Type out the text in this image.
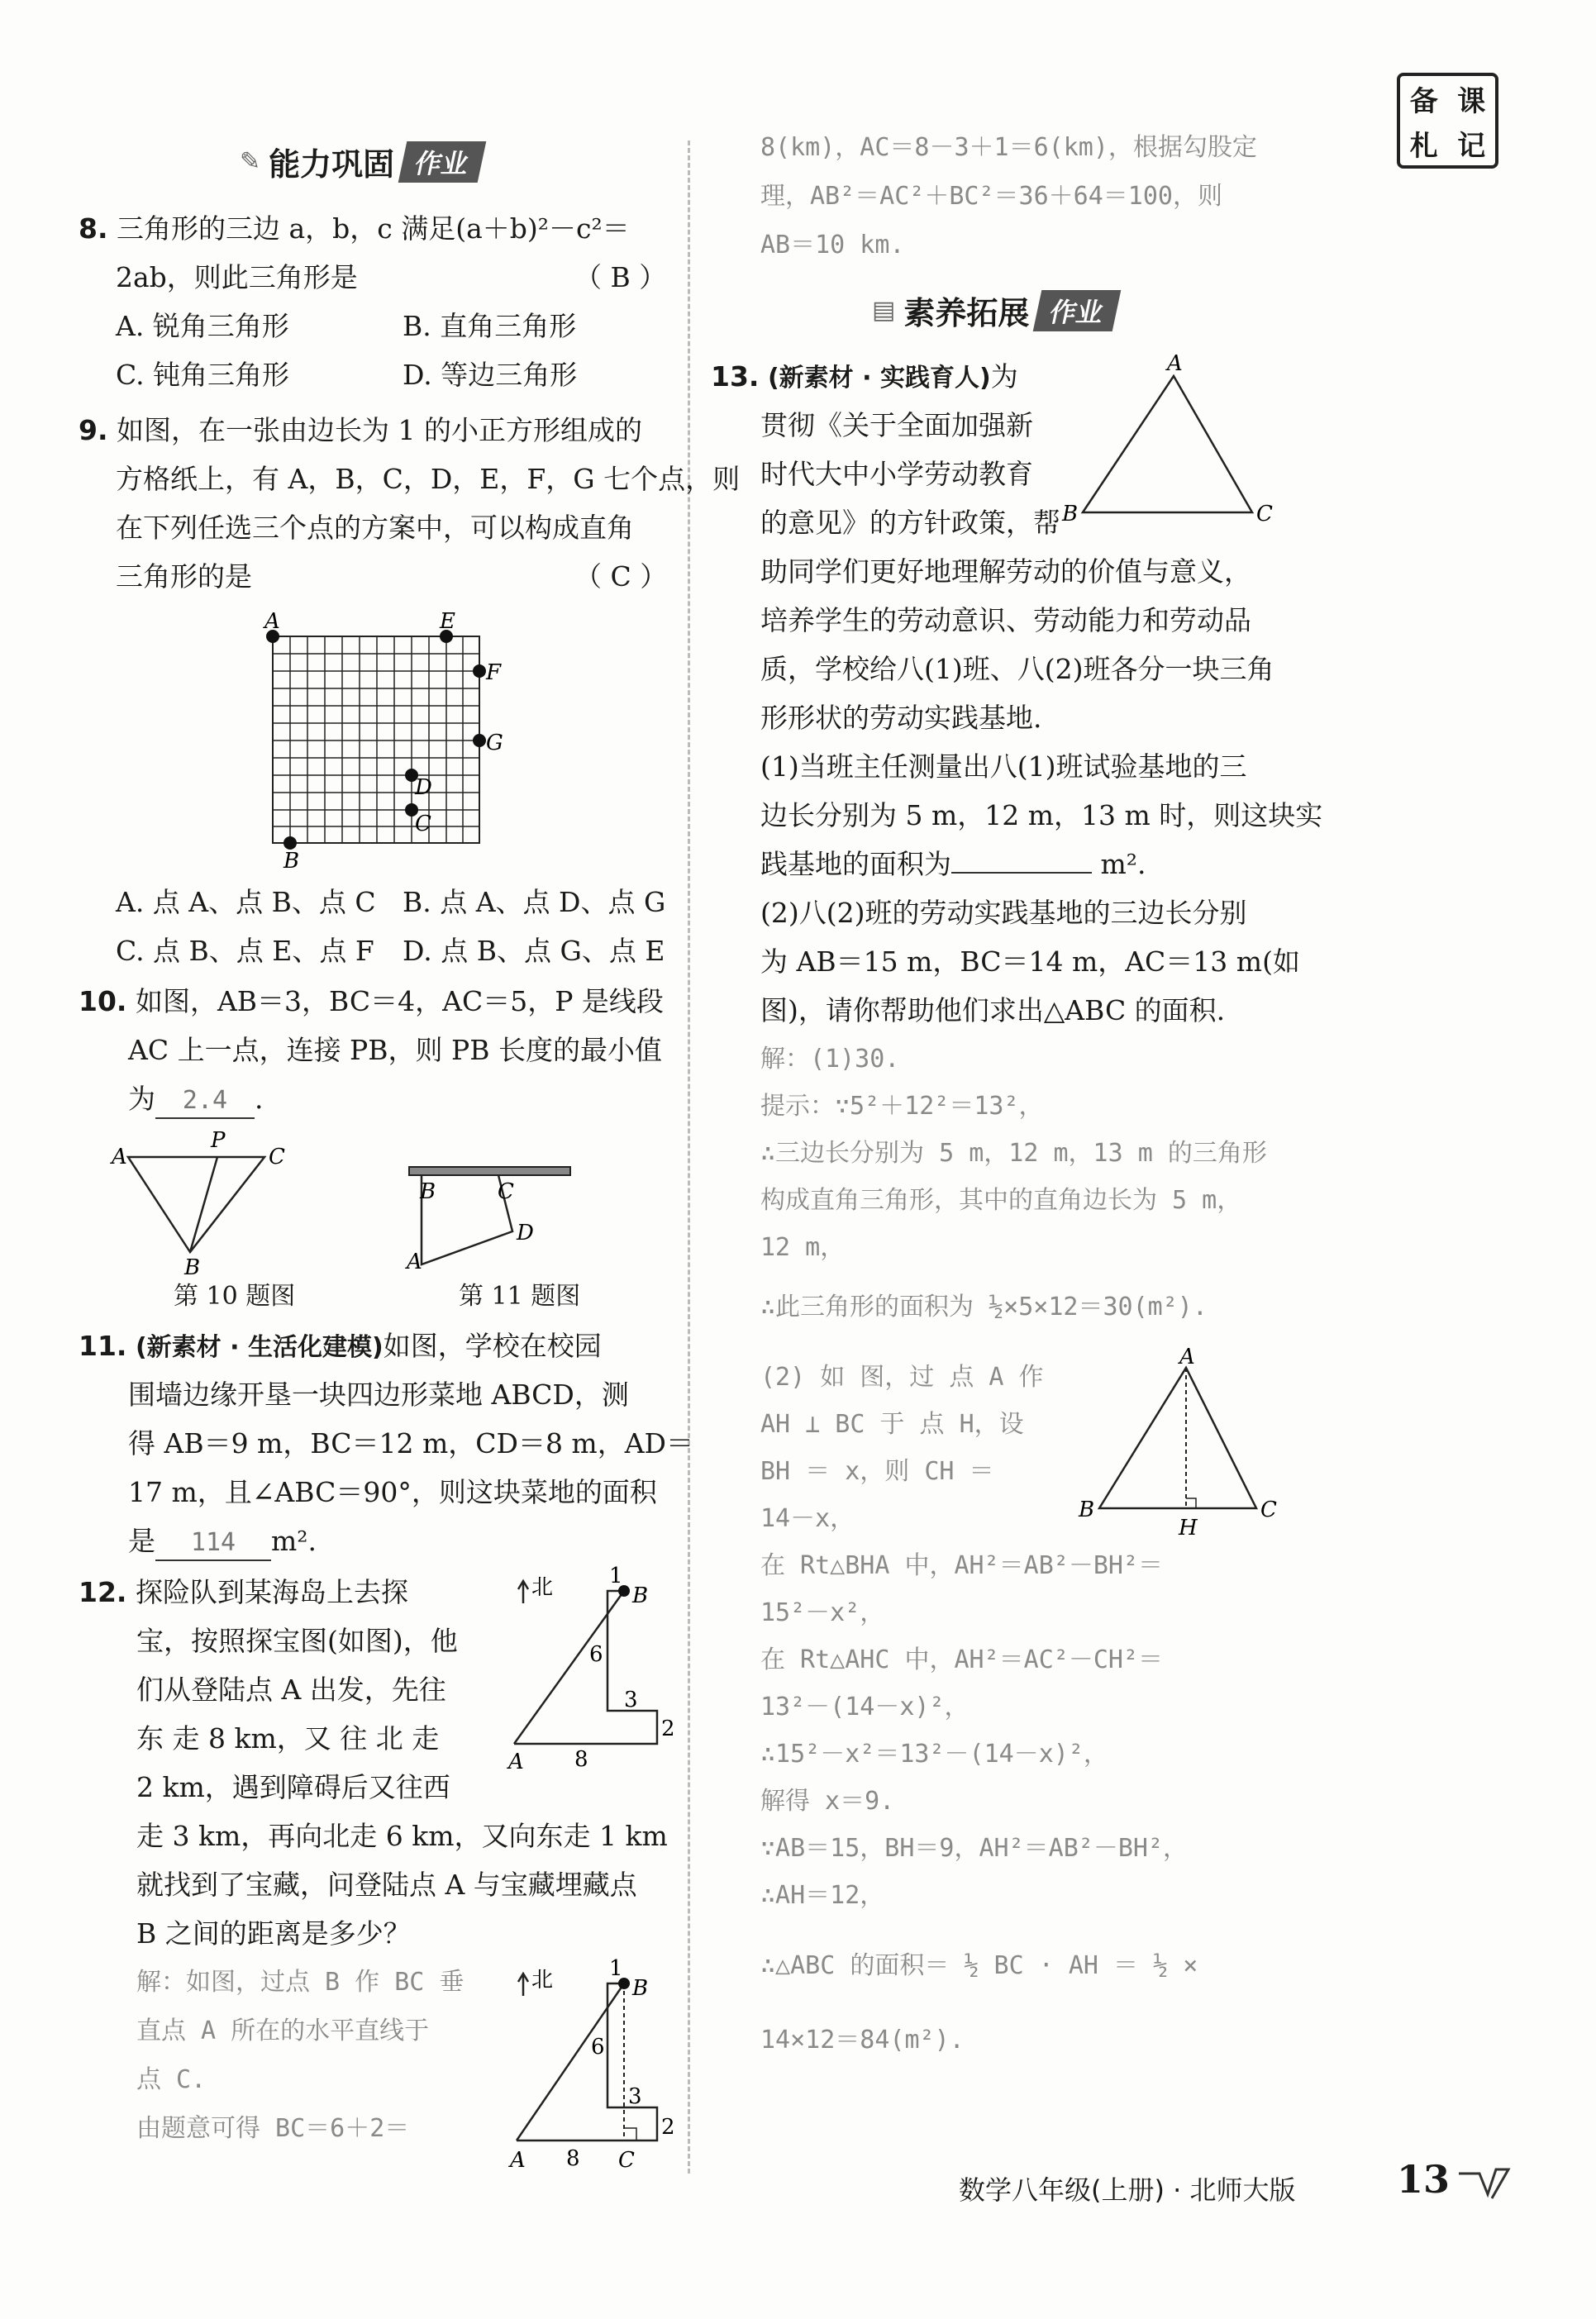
备 课
札 记
✎ 能力巩固 作业
8. 三角形的三边 a，b，c 满足(a＋b)²－c²＝
2ab，则此三角形是	（ B ）
A. 锐角三角形	B. 直角三角形
C. 钝角三角形	D. 等边三角形
9. 如图，在一张由边长为 1 的小正方形组成的
方格纸上，有 A，B，C，D，E，F，G 七个点，则
在下列任选三个点的方案中，可以构成直角
三角形的是	（ C ）
A	E
F
G
D
C
B
A. 点 A、点 B、点 C B. 点 A、点 D、点 G
C. 点 B、点 E、点 F D. 点 B、点 G、点 E
10. 如图，AB＝3，BC＝4，AC＝5，P 是线段
AC 上一点，连接 PB，则 PB 长度的最小值
为 2.4 .
A
P
C
B
第 10 题图
B	C
D
A
第 11 题图
11. (新素材 · 生活化建模)如图，学校在校园
围墙边缘开垦一块四边形菜地 ABCD，测
得 AB＝9 m，BC＝12 m，CD＝8 m，AD＝
17 m，且∠ABC＝90°，则这块菜地的面积
是 114 m².
12. 探险队到某海岛上去探
宝，按照探宝图(如图)，他
们从登陆点 A 出发，先往
东 走 8 km，又 往 北 走
2 km，遇到障碍后又往西
走 3 km，再向北走 6 km，又向东走 1 km
就找到了宝藏，问登陆点 A 与宝藏埋藏点
B 之间的距离是多少？
北	1
B
6
3
2
A 8
解：如图，过点 B 作 BC 垂
直点 A 所在的水平直线于
点 C.
由题意可得 BC＝6＋2＝
北	1
B
6
3
2
A 8 C
8(km)，AC＝8－3＋1＝6(km)，根据勾股定
理，AB²＝AC²＋BC²＝36＋64＝100，则
AB＝10 km.
▤ 素养拓展 作业
13. (新素材 · 实践育人)为
贯彻《关于全面加强新
时代大中小学劳动教育
的意见》的方针政策，帮
A
B	C
助同学们更好地理解劳动的价值与意义，
培养学生的劳动意识、劳动能力和劳动品
质，学校给八(1)班、八(2)班各分一块三角
形形状的劳动实践基地.
(1)当班主任测量出八(1)班试验基地的三
边长分别为 5 m，12 m，13 m 时，则这块实
践基地的面积为	m².
(2)八(2)班的劳动实践基地的三边长分别
为 AB＝15 m，BC＝14 m，AC＝13 m(如
图)，请你帮助他们求出△ABC 的面积.
解：(1)30.
提示：∵5²＋12²＝13²，
∴三边长分别为 5 m，12 m，13 m 的三角形
构成直角三角形，其中的直角边长为 5 m，
12 m，
∴此三角形的面积为 ½×5×12＝30(m²).
(2) 如 图，过 点 A 作
AH ⊥ BC 于 点 H，设
BH ＝ x，则 CH ＝
14－x，
A
B
H
C
在 Rt△BHA 中，AH²＝AB²－BH²＝
15²－x²，
在 Rt△AHC 中，AH²＝AC²－CH²＝
13²－(14－x)²，
∴15²－x²＝13²－(14－x)²，
解得 x＝9.
∵AB＝15，BH＝9，AH²＝AB²－BH²，
∴AH＝12，
∴△ABC 的面积＝ ½ BC · AH ＝ ½ ×
14×12＝84(m²).
数学八年级(上册) · 北师大版	13
